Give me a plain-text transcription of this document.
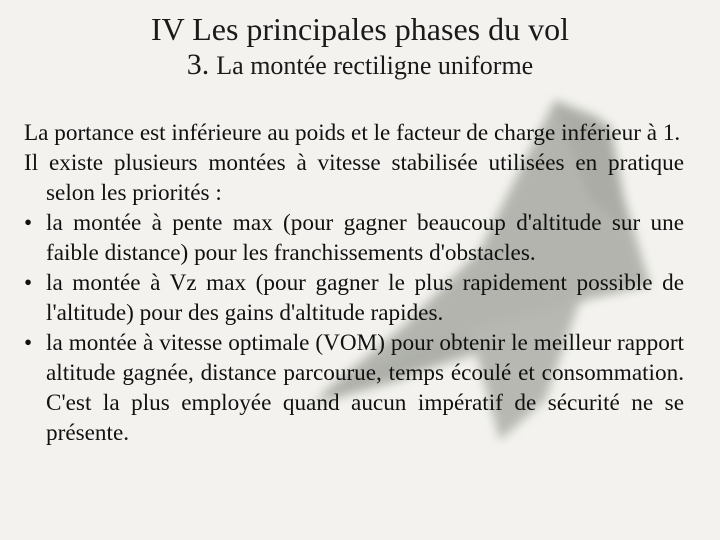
IV Les principales phases du vol
3. La montée rectiligne uniforme

La portance est inférieure au poids et le facteur de charge inférieur à 1.

Il existe plusieurs montées à vitesse stabilisée utilisées en pratique selon les priorités :

• la montée à pente max (pour gagner beaucoup d'altitude sur une faible distance) pour les franchissements d'obstacles.
• la montée à Vz max (pour gagner le plus rapidement possible de l'altitude) pour des gains d'altitude rapides.
• la montée à vitesse optimale (VOM) pour obtenir le meilleur rapport altitude gagnée, distance parcourue, temps écoulé et consommation. C'est la plus employée quand aucun impératif de sécurité ne se présente.
